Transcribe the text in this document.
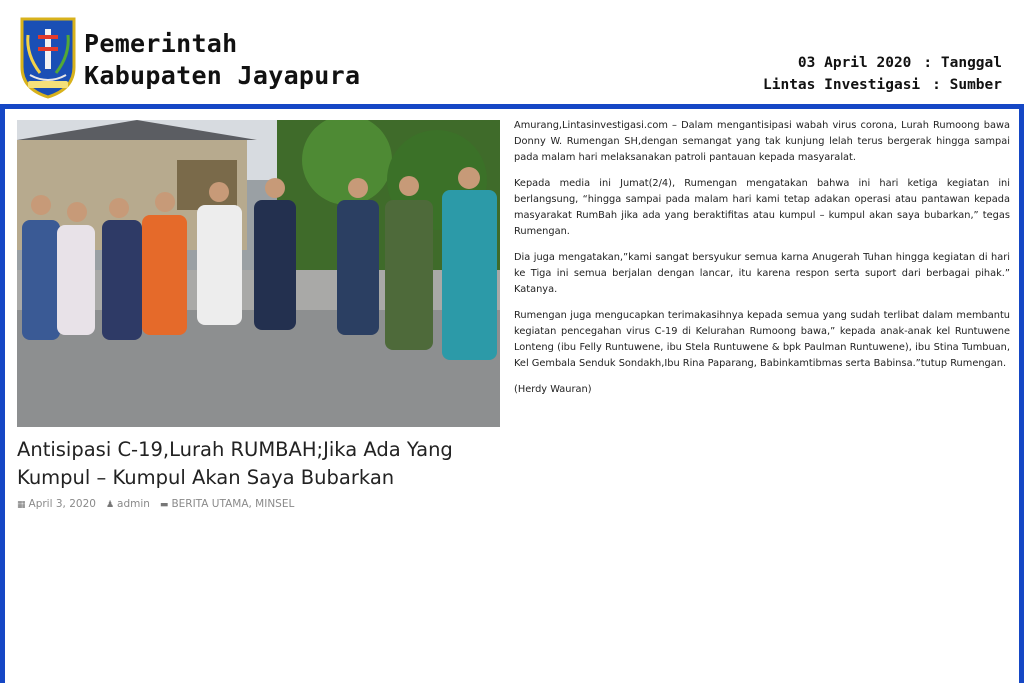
Pemerintah
Kabupaten Jayapura	03 April 2020 : Tanggal
Lintas Investigasi : Sumber
Antisipasi C-19,Lurah RUMBAH;Jika Ada Yang Kumpul – Kumpul Akan Saya Bubarkan
▦ April 3, 2020 ♟ admin ▬ BERITA UTAMA, MINSEL

Amurang,Lintasinvestigasi.com – Dalam mengantisipasi wabah virus corona, Lurah Rumoong bawa Donny W. Rumengan SH,dengan semangat yang tak kunjung lelah terus bergerak hingga sampai pada malam hari melaksanakan patroli pantauan kepada masyaralat.

Kepada media ini Jumat(2/4), Rumengan mengatakan bahwa ini hari ketiga kegiatan ini berlangsung, “hingga sampai pada malam hari kami tetap adakan operasi atau pantawan kepada masyarakat RumBah jika ada yang beraktifitas atau kumpul – kumpul akan saya bubarkan,” tegas Rumengan.

Dia juga mengatakan,”kami sangat bersyukur semua karna Anugerah Tuhan hingga kegiatan di hari ke Tiga ini semua berjalan dengan lancar, itu karena respon serta suport dari berbagai pihak.” Katanya.

Rumengan juga mengucapkan terimakasihnya kepada semua yang sudah terlibat dalam membantu kegiatan pencegahan virus C-19 di Kelurahan Rumoong bawa,” kepada anak-anak kel Runtuwene Lonteng (ibu Felly Runtuwene, ibu Stela Runtuwene & bpk Paulman Runtuwene), ibu Stina Tumbuan, Kel Gembala Senduk Sondakh,Ibu Rina Paparang, Babinkamtibmas serta Babinsa.”tutup Rumengan.

(Herdy Wauran)
